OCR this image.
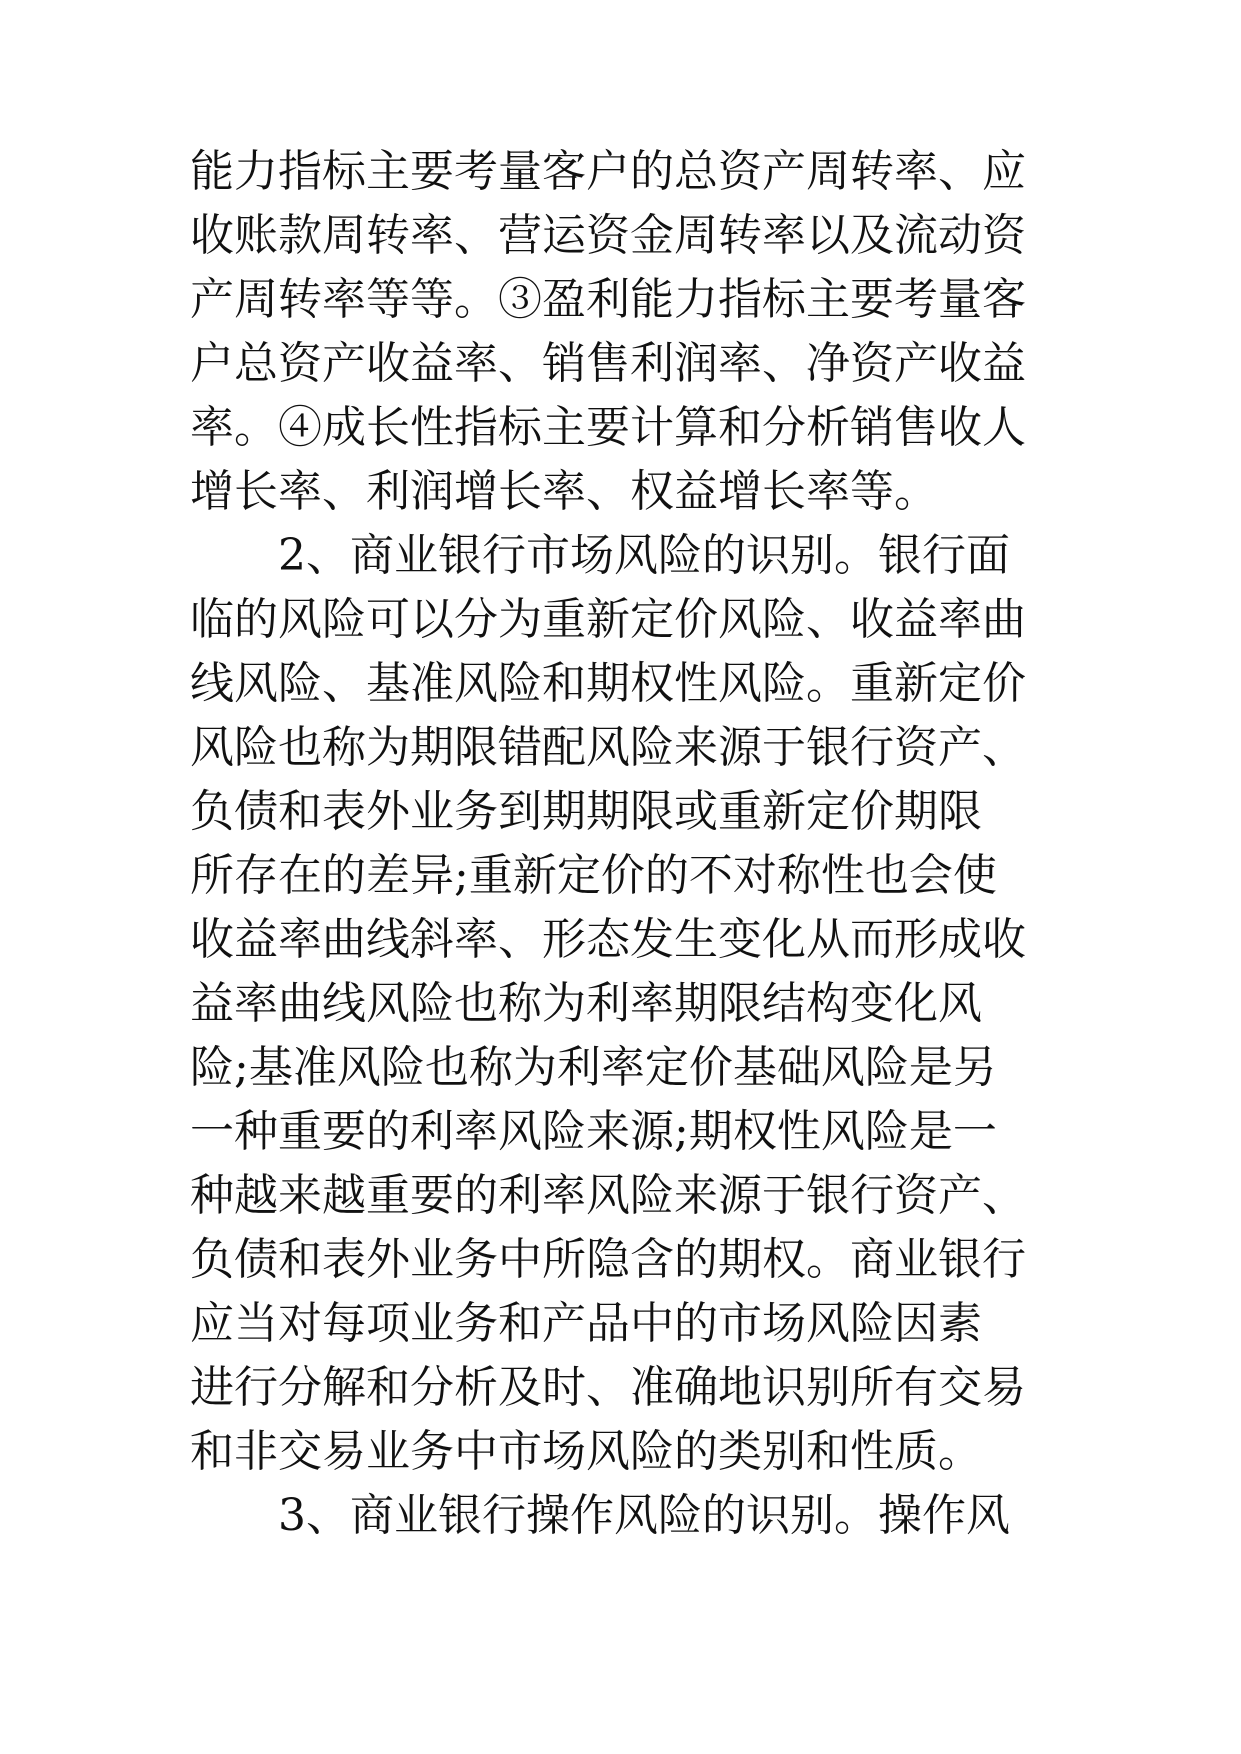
能力指标主要考量客户的总资产周转率、应
收账款周转率、营运资金周转率以及流动资
产周转率等等。③盈利能力指标主要考量客
户总资产收益率、销售利润率、净资产收益
率。④成长性指标主要计算和分析销售收人
增长率、利润增长率、权益增长率等。
　　2、商业银行市场风险的识别。银行面
临的风险可以分为重新定价风险、收益率曲
线风险、基准风险和期权性风险。重新定价
风险也称为期限错配风险来源于银行资产、
负债和表外业务到期期限或重新定价期限
所存在的差异;重新定价的不对称性也会使
收益率曲线斜率、形态发生变化从而形成收
益率曲线风险也称为利率期限结构变化风
险;基准风险也称为利率定价基础风险是另
一种重要的利率风险来源;期权性风险是一
种越来越重要的利率风险来源于银行资产、
负债和表外业务中所隐含的期权。商业银行
应当对每项业务和产品中的市场风险因素
进行分解和分析及时、准确地识别所有交易
和非交易业务中市场风险的类别和性质。
　　3、商业银行操作风险的识别。操作风
